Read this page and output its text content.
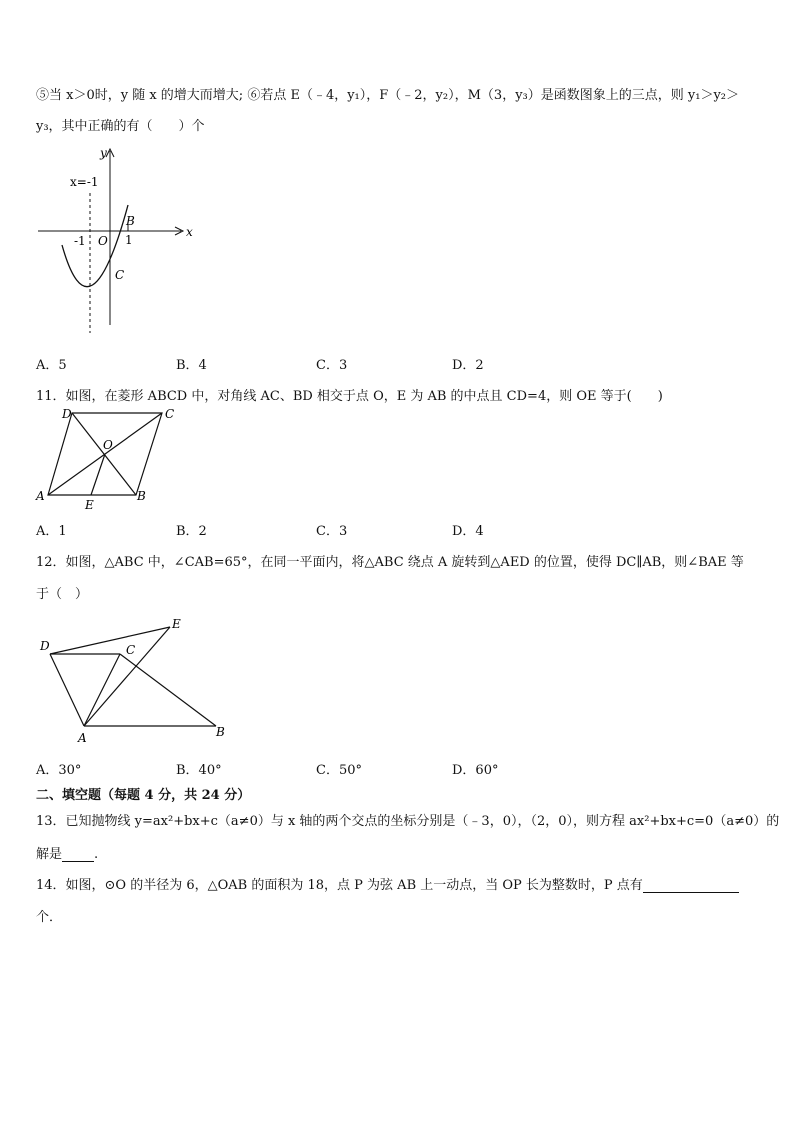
⑤当 x＞0时，y 随 x 的增大而增大; ⑥若点 E（﹣4，y₁），F（﹣2，y₂），M（3，y₃）是函数图象上的三点，则 y₁＞y₂＞
y₃，其中正确的有（　　）个
y
x
x=-1
-1 O 1
B
C
A．5	B．4	C．3	D．2
11．如图，在菱形 ABCD 中，对角线 AC、BD 相交于点 O，E 为 AB 的中点且 CD=4，则 OE 等于(　　)
A	B
C
D
O
E
A．1	B．2	C．3	D．4
12．如图，△ABC 中，∠CAB=65°，在同一平面内，将△ABC 绕点 A 旋转到△AED 的位置，使得 DC∥AB，则∠BAE 等
于（　）
D
E
C
A	B
A．30°	B．40°	C．50°	D．60°
二、填空题（每题 4 分，共 24 分）
13．已知抛物线 y=ax²+bx+c（a≠0）与 x 轴的两个交点的坐标分别是（﹣3，0），（2，0），则方程 ax²+bx+c=0（a≠0）的
解是 .
14．如图，⊙O 的半径为 6，△OAB 的面积为 18，点 P 为弦 AB 上一动点，当 OP 长为整数时，P 点有
个．
